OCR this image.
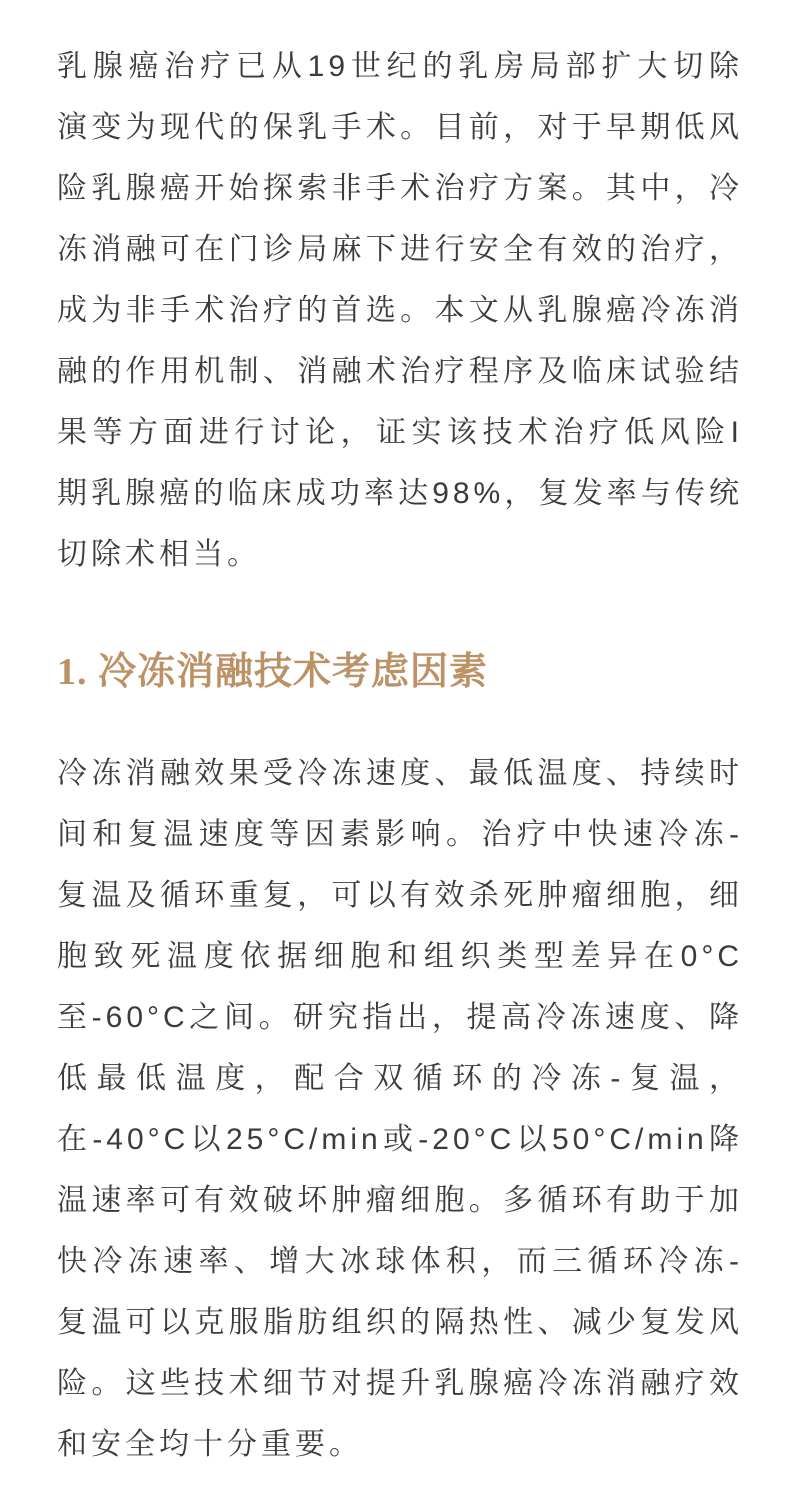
乳腺癌治疗已从19世纪的乳房局部扩大切除演变为现代的保乳手术。目前，对于早期低风险乳腺癌开始探索非手术治疗方案。其中，冷冻消融可在门诊局麻下进行安全有效的治疗，成为非手术治疗的首选。本文从乳腺癌冷冻消融的作用机制、消融术治疗程序及临床试验结果等方面进行讨论，证实该技术治疗低风险I期乳腺癌的临床成功率达98%，复发率与传统切除术相当。

1. 冷冻消融技术考虑因素

冷冻消融效果受冷冻速度、最低温度、持续时间和复温速度等因素影响。治疗中快速冷冻-复温及循环重复，可以有效杀死肿瘤细胞，细胞致死温度依据细胞和组织类型差异在0°C至-60°C之间。研究指出，提高冷冻速度、降低最低温度，配合双循环的冷冻-复温，在-40°C以25°C/min或-20°C以50°C/min降温速率可有效破坏肿瘤细胞。多循环有助于加快冷冻速率、增大冰球体积，而三循环冷冻-复温可以克服脂肪组织的隔热性、减少复发风险。这些技术细节对提升乳腺癌冷冻消融疗效和安全均十分重要。
